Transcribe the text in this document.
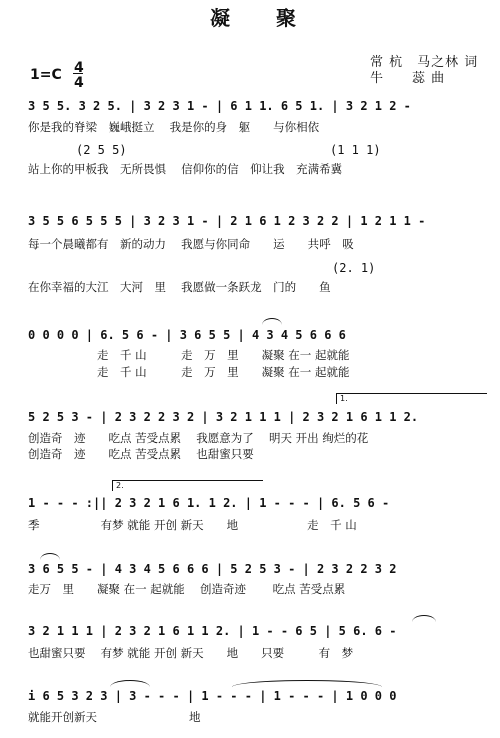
凝　　聚
1=C 4
4
常 杭　马之林 词
牛　　蕊 曲
3 5 5. 3 2 5. | 3 2 3 1 - | 6 1 1. 6 5 1. | 3 2 1 2 -
你是我的脊梁　巍峨挺立　 我是你的身　躯　　与你相依
(2 5 5)	(1 1 1)
站上你的甲板我　无所畏惧　 信仰你的信　仰让我　充满希冀
3 5 5 6 5 5 5 | 3 2 3 1 - | 2 1 6 1 2 3 2 2 | 1 2 1 1 -
每一个晨曦都有　新的动力　 我愿与你同命　　运　　共呼　吸
(2. 1)
在你幸福的大江　大河　里　 我愿做一条跃龙　门的　　鱼
0 0 0 0 | 6. 5 6 - | 3 6 5 5 | 4 3 4 5 6 6 6
　　　　　　走　千 山　　　走　万　里　　凝聚 在一 起就能
　　　　　　走　千 山　　　走　万　里　　凝聚 在一 起就能
1.
5 2 5 3 - | 2 3 2 2 3 2 | 3 2 1 1 1 | 2 3 2 1 6 1 1 2.
创造奇　迹　　吃点 苦受点累　 我愿意为了　 明天 开出 绚烂的花
创造奇　迹　　吃点 苦受点累　 也甜蜜只要
2.
1 - - - :|| 2 3 2 1 6 1. 1 2. | 1 - - - | 6. 5 6 -
季　　　　　 有梦 就能 开创 新天　　地　　　　　　走　千 山
3 6 5 5 - | 4 3 4 5 6 6 6 | 5 2 5 3 - | 2 3 2 2 3 2
走万　里　　凝聚 在一 起就能　 创造奇迹　　 吃点 苦受点累
3 2 1 1 1 | 2 3 2 1 6 1 1 2. | 1 - - 6 5 | 5 6. 6 -
也甜蜜只要　 有梦 就能 开创 新天　　地　　只要　　　有　梦
i 6 5 3 2 3 | 3 - - - | 1 - - - | 1 - - - | 1 0 0 0
就能开创新天　　　　　　　　地
